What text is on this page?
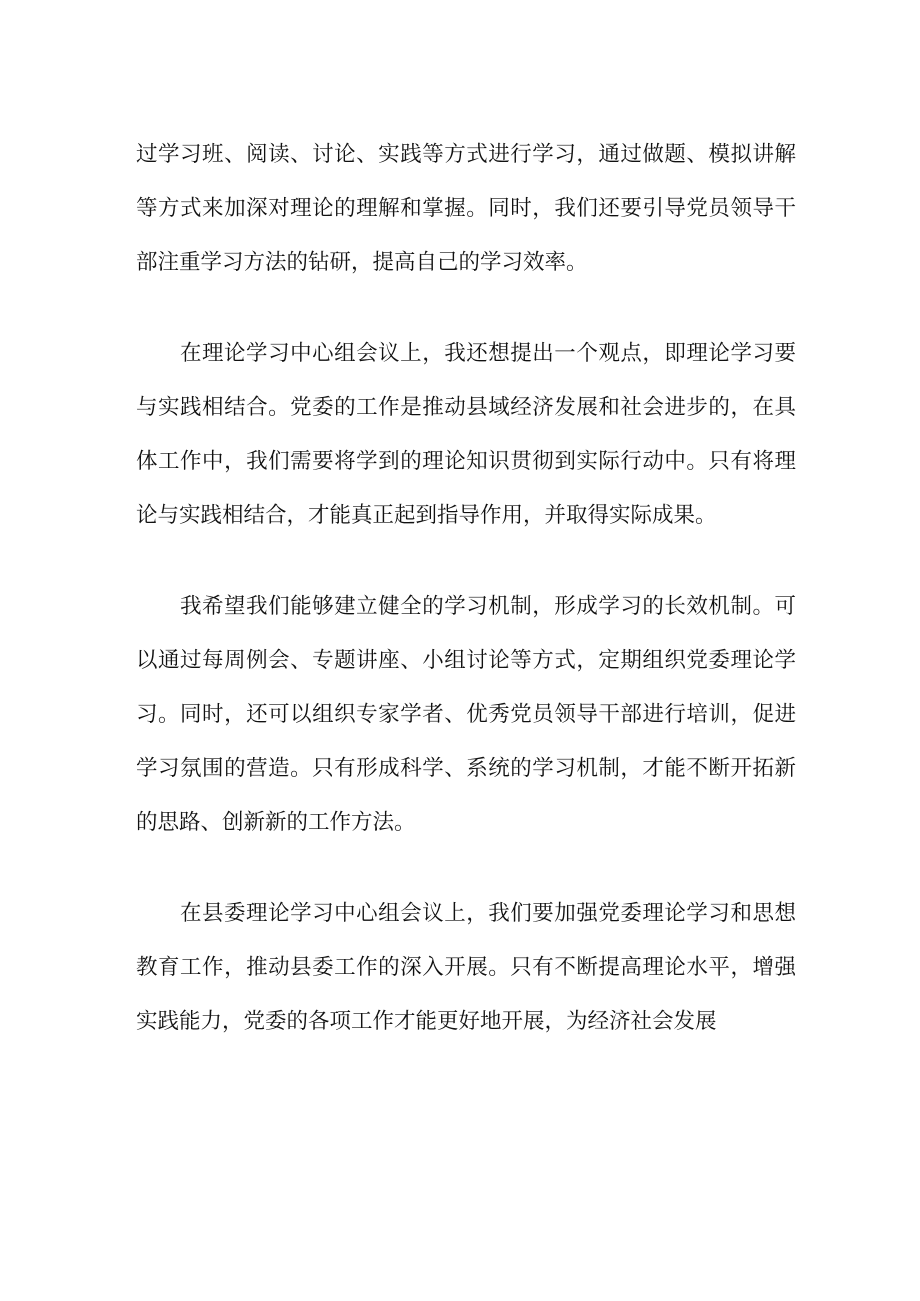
过学习班、阅读、讨论、实践等方式进行学习，通过做题、模拟讲解等方式来加深对理论的理解和掌握。同时，我们还要引导党员领导干部注重学习方法的钻研，提高自己的学习效率。

在理论学习中心组会议上，我还想提出一个观点，即理论学习要与实践相结合。党委的工作是推动县域经济发展和社会进步的，在具体工作中，我们需要将学到的理论知识贯彻到实际行动中。只有将理论与实践相结合，才能真正起到指导作用，并取得实际成果。

我希望我们能够建立健全的学习机制，形成学习的长效机制。可以通过每周例会、专题讲座、小组讨论等方式，定期组织党委理论学习。同时，还可以组织专家学者、优秀党员领导干部进行培训，促进学习氛围的营造。只有形成科学、系统的学习机制，才能不断开拓新的思路、创新新的工作方法。

在县委理论学习中心组会议上，我们要加强党委理论学习和思想教育工作，推动县委工作的深入开展。只有不断提高理论水平，增强实践能力，党委的各项工作才能更好地开展，为经济社会发展
